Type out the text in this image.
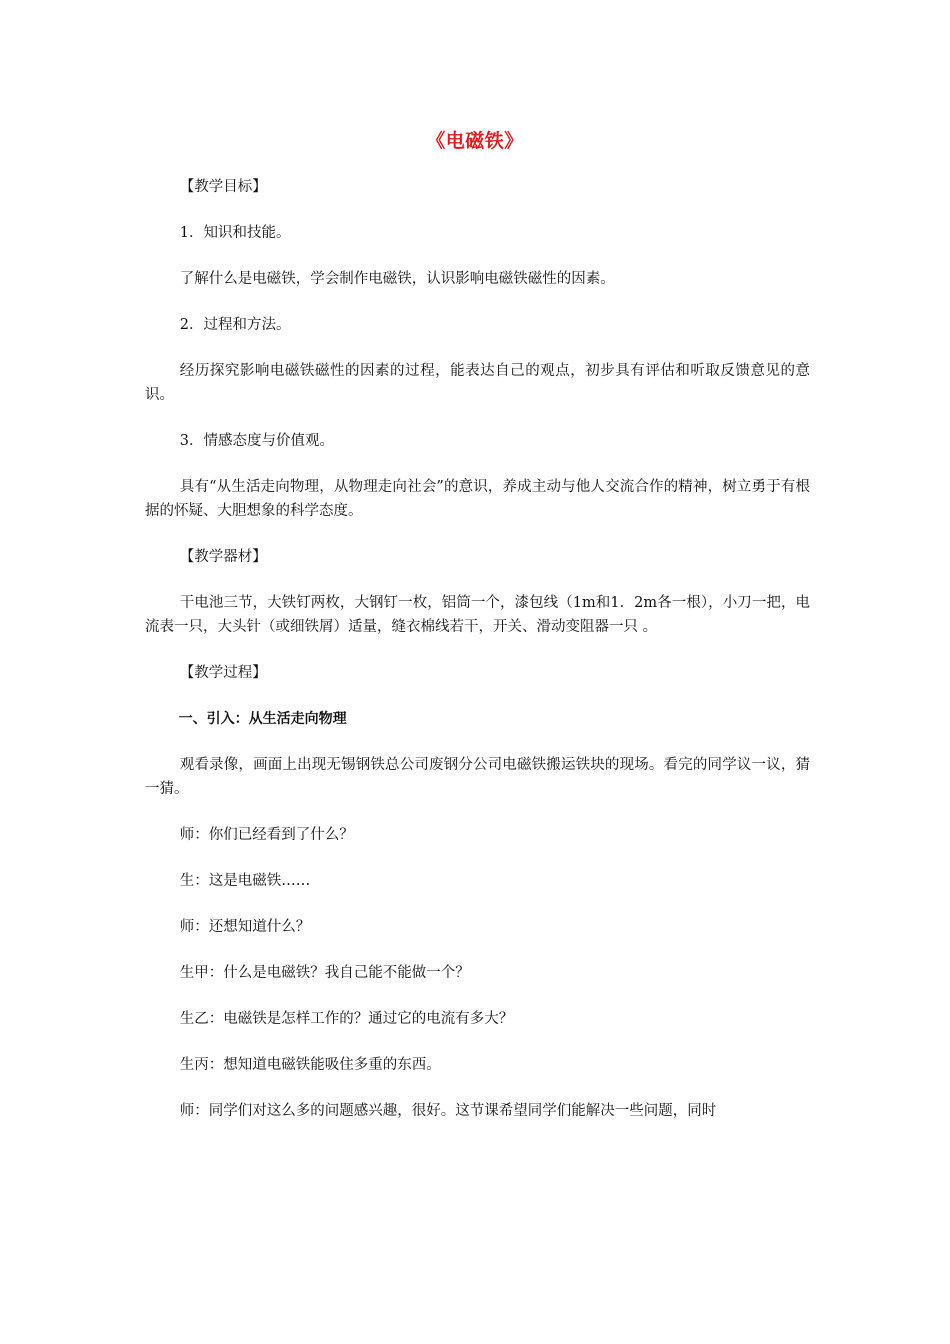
《电磁铁》

【教学目标】

1．知识和技能。

了解什么是电磁铁，学会制作电磁铁，认识影响电磁铁磁性的因素。

2．过程和方法。

经历探究影响电磁铁磁性的因素的过程，能表达自己的观点，初步具有评估和听取反馈意见的意识。

3．情感态度与价值观。

具有“从生活走向物理，从物理走向社会”的意识，养成主动与他人交流合作的精神，树立勇于有根据的怀疑、大胆想象的科学态度。

【教学器材】

干电池三节，大铁钉两枚，大钢钉一枚，铝筒一个，漆包线（1m和1．2m各一根），小刀一把，电流表一只，大头针（或细铁屑）适量，缝衣棉线若干，开关、滑动变阻器一只 。

【教学过程】

一、引入：从生活走向物理

观看录像，画面上出现无锡钢铁总公司废钢分公司电磁铁搬运铁块的现场。看完的同学议一议，猜一猜。

师：你们已经看到了什么？

生：这是电磁铁……

师：还想知道什么？

生甲：什么是电磁铁？我自己能不能做一个？

生乙：电磁铁是怎样工作的？通过它的电流有多大？

生丙：想知道电磁铁能吸住多重的东西。

师：同学们对这么多的问题感兴趣，很好。这节课希望同学们能解决一些问题，同时
